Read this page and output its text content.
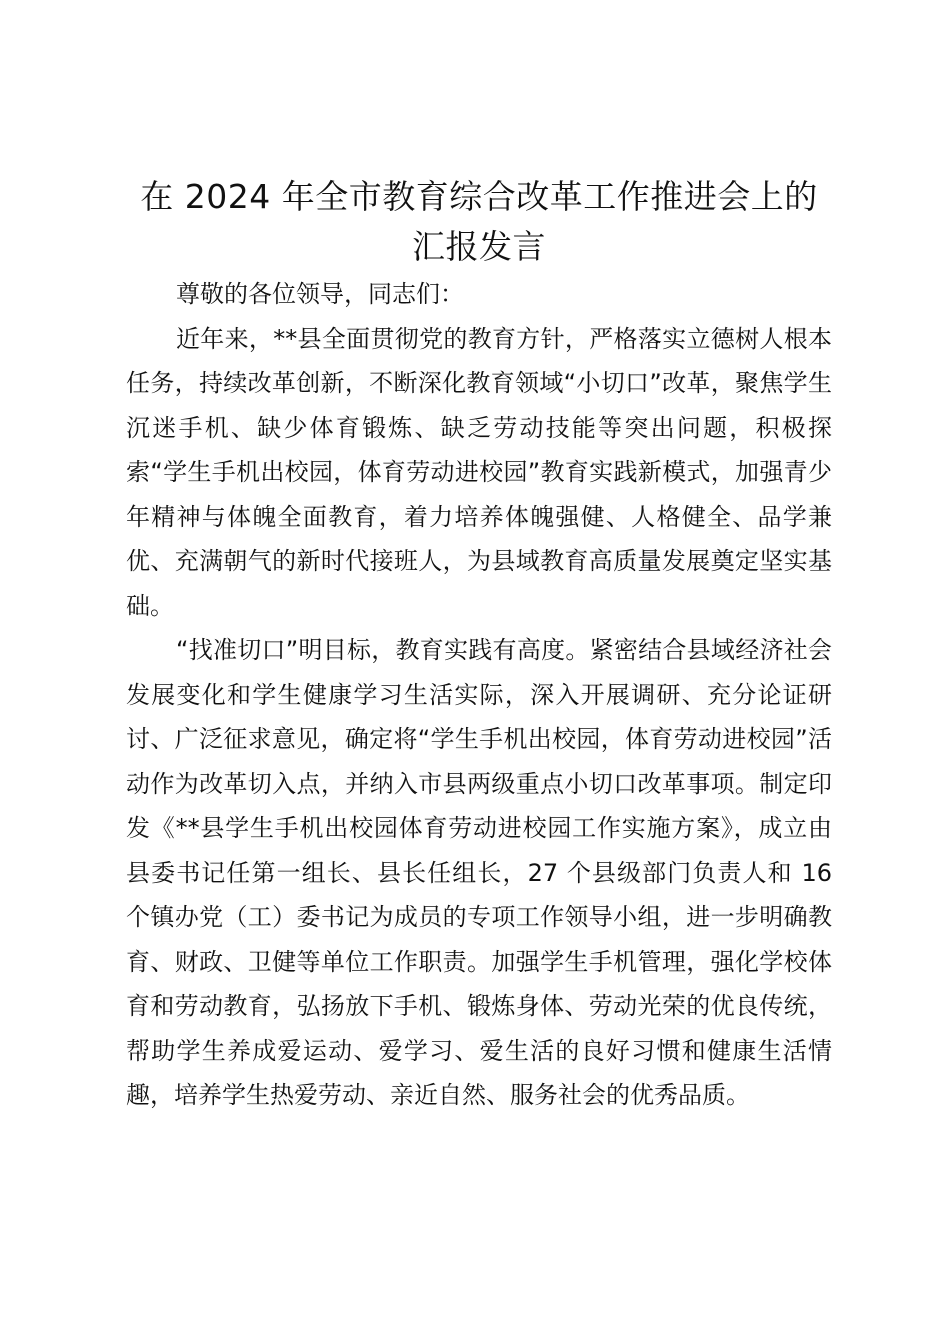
在 2024 年全市教育综合改革工作推进会上的汇报发言

尊敬的各位领导，同志们：

近年来，**县全面贯彻党的教育方针，严格落实立德树人根本任务，持续改革创新，不断深化教育领域“小切口”改革，聚焦学生沉迷手机、缺少体育锻炼、缺乏劳动技能等突出问题，积极探索“学生手机出校园，体育劳动进校园”教育实践新模式，加强青少年精神与体魄全面教育，着力培养体魄强健、人格健全、品学兼优、充满朝气的新时代接班人，为县域教育高质量发展奠定坚实基础。

“找准切口”明目标，教育实践有高度。紧密结合县域经济社会发展变化和学生健康学习生活实际，深入开展调研、充分论证研讨、广泛征求意见，确定将“学生手机出校园，体育劳动进校园”活动作为改革切入点，并纳入市县两级重点小切口改革事项。制定印发《**县学生手机出校园体育劳动进校园工作实施方案》，成立由县委书记任第一组长、县长任组长，27 个县级部门负责人和 16 个镇办党（工）委书记为成员的专项工作领导小组，进一步明确教育、财政、卫健等单位工作职责。加强学生手机管理，强化学校体育和劳动教育，弘扬放下手机、锻炼身体、劳动光荣的优良传统，帮助学生养成爱运动、爱学习、爱生活的良好习惯和健康生活情趣，培养学生热爱劳动、亲近自然、服务社会的优秀品质。
